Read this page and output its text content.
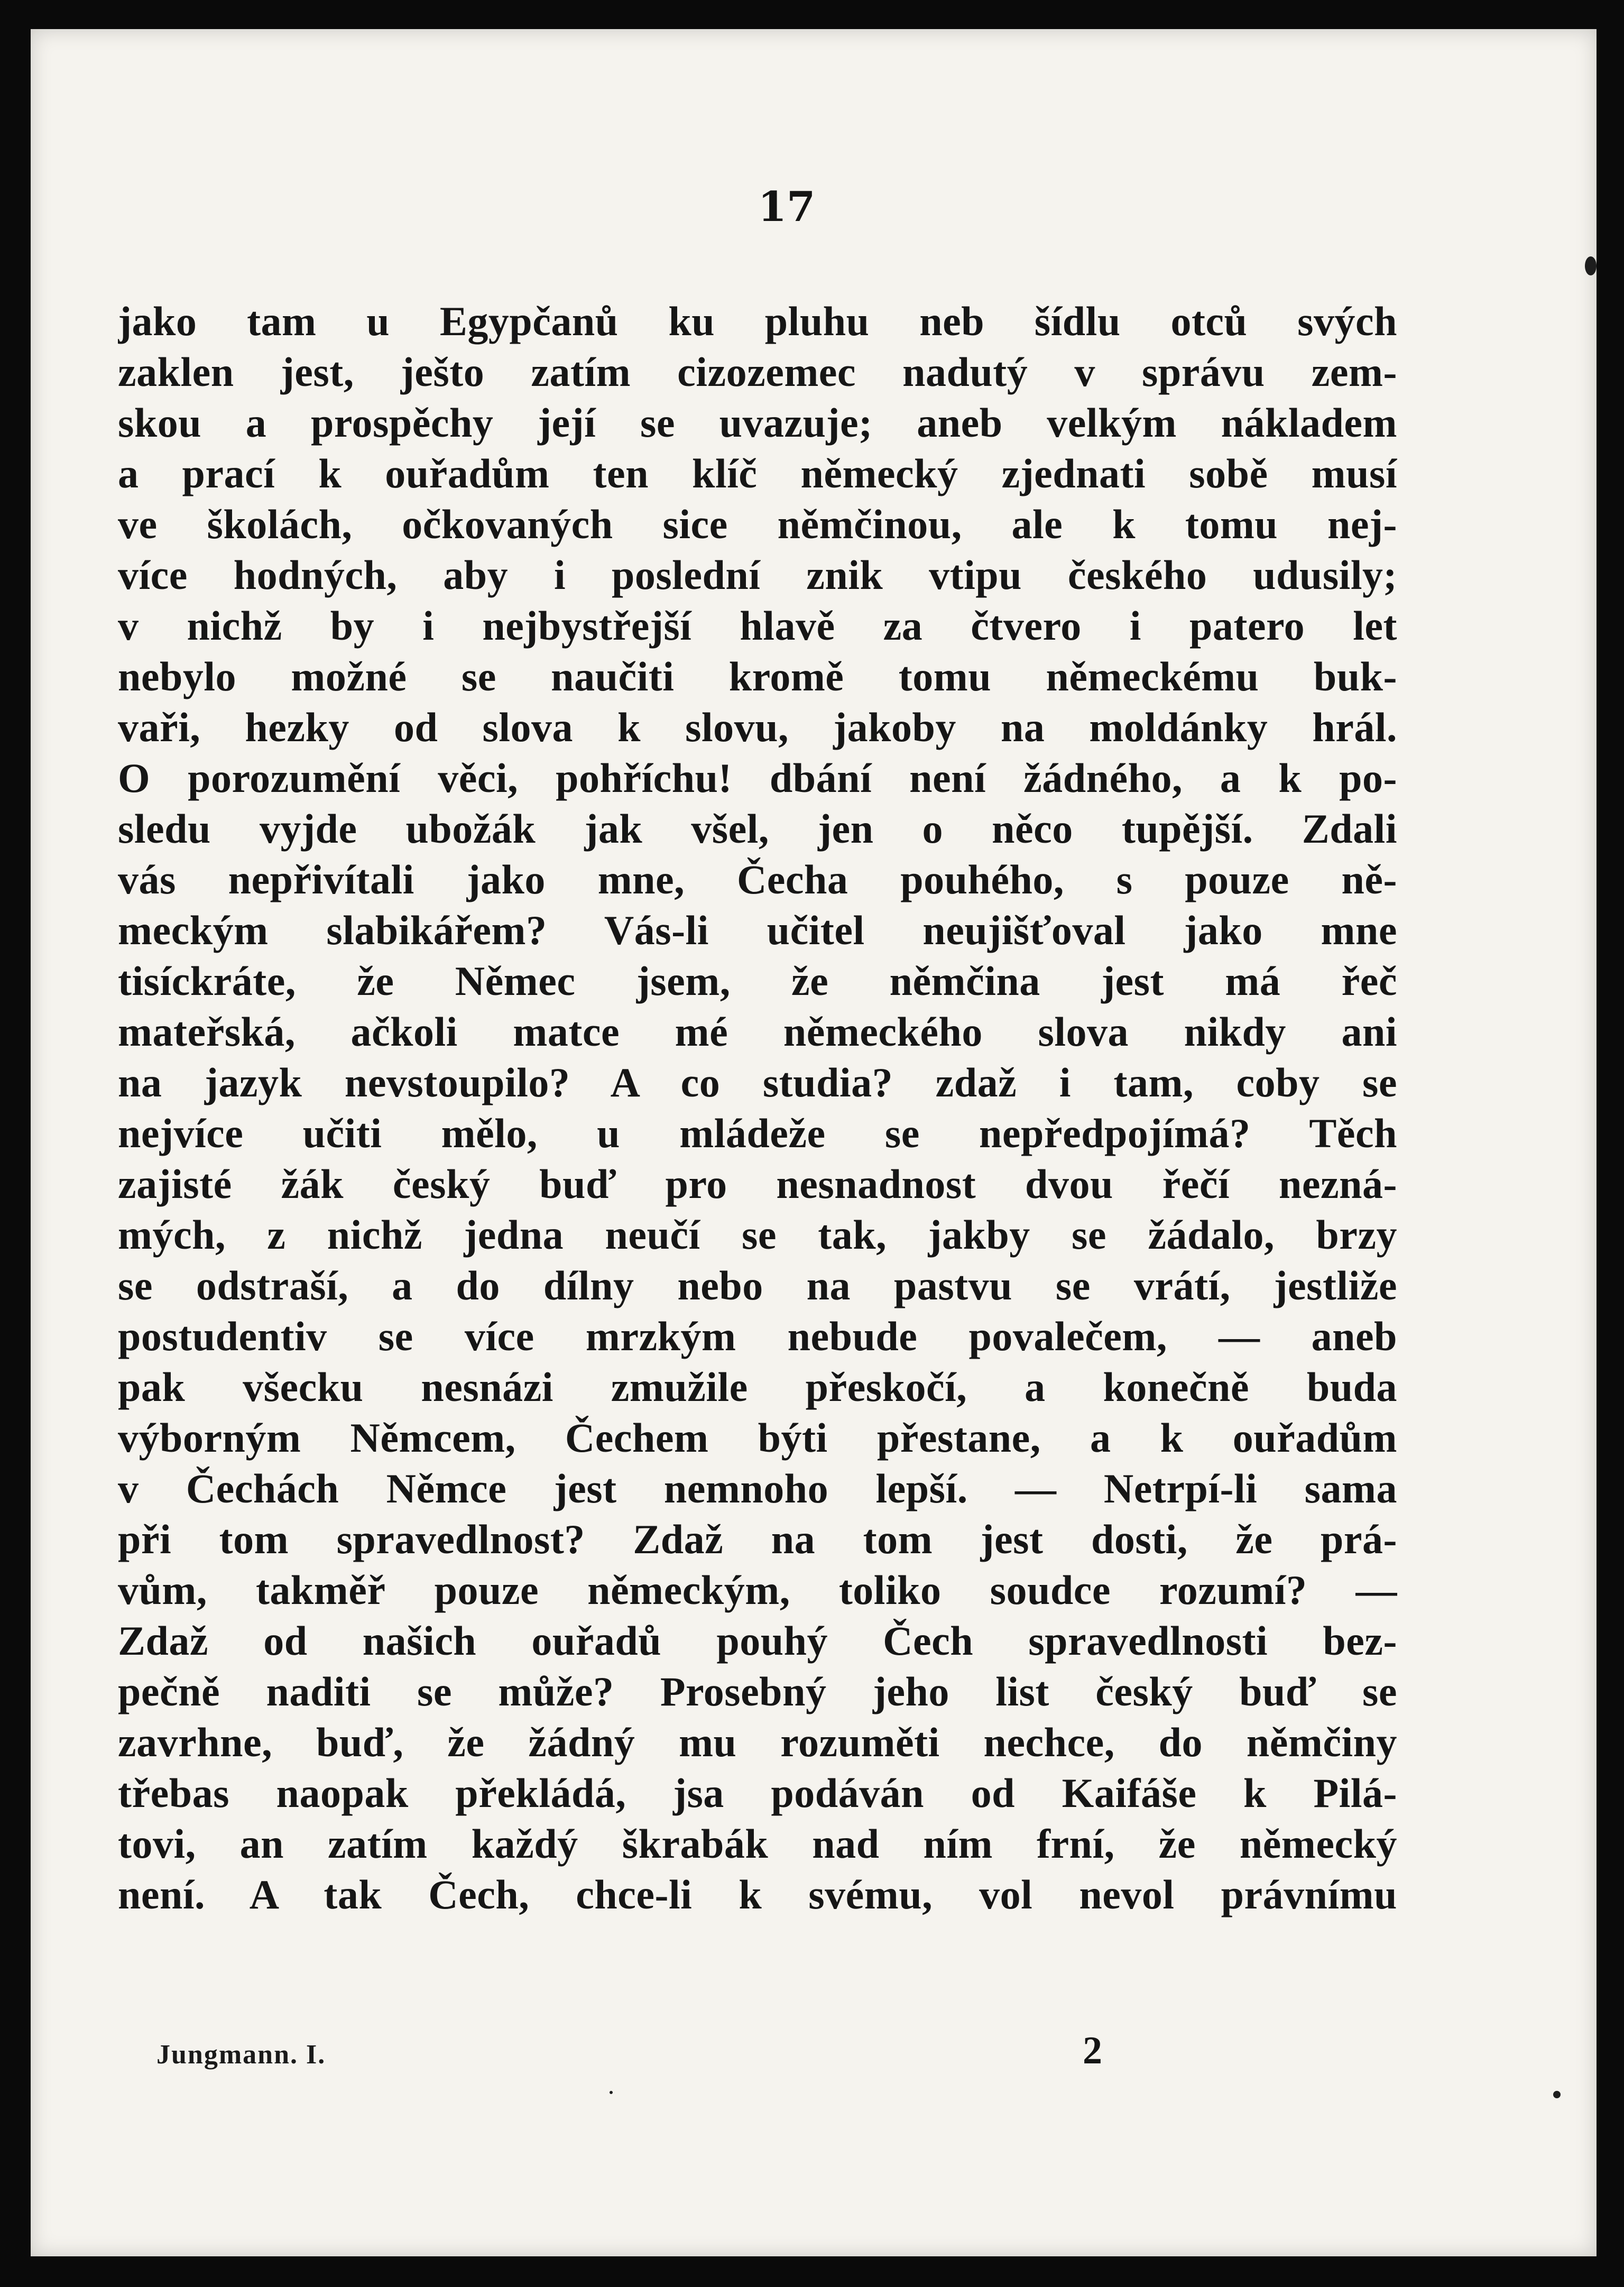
17
jako tam u Egypčanů ku pluhu neb šídlu otců svých
zaklen jest, ješto zatím cizozemec nadutý v správu zem-
skou a prospěchy její se uvazuje; aneb velkým nákladem
a prací k ouřadům ten klíč německý zjednati sobě musí
ve školách, očkovaných sice němčinou, ale k tomu nej-
více hodných, aby i poslední znik vtipu českého udusily;
v nichž by i nejbystřejší hlavě za čtvero i patero let
nebylo možné se naučiti kromě tomu německému buk-
vaři, hezky od slova k slovu, jakoby na moldánky hrál.
O porozumění věci, pohříchu! dbání není žádného, a k po-
sledu vyjde ubožák jak všel, jen o něco tupější. Zdali
vás nepřivítali jako mne, Čecha pouhého, s pouze ně-
meckým slabikářem? Vás-li učitel neujišťoval jako mne
tisíckráte, že Němec jsem, že němčina jest má řeč
mateřská, ačkoli matce mé německého slova nikdy ani
na jazyk nevstoupilo? A co studia? zdaž i tam, coby se
nejvíce učiti mělo, u mládeže se nepředpojímá? Těch
zajisté žák český buď pro nesnadnost dvou řečí nezná-
mých, z nichž jedna neučí se tak, jakby se žádalo, brzy
se odstraší, a do dílny nebo na pastvu se vrátí, jestliže
postudentiv se více mrzkým nebude povalečem, — aneb
pak všecku nesnázi zmužile přeskočí, a konečně buda
výborným Němcem, Čechem býti přestane, a k ouřadům
v Čechách Němce jest nemnoho lepší. — Netrpí-li sama
při tom spravedlnost? Zdaž na tom jest dosti, že prá-
vům, takměř pouze německým, toliko soudce rozumí? —
Zdaž od našich ouřadů pouhý Čech spravedlnosti bez-
pečně naditi se může? Prosebný jeho list český buď se
zavrhne, buď, že žádný mu rozuměti nechce, do němčiny
třebas naopak překládá, jsa podáván od Kaifáše k Pilá-
tovi, an zatím každý škrabák nad ním frní, že německý
není. A tak Čech, chce-li k svému, vol nevol právnímu
Jungmann. I.	2
